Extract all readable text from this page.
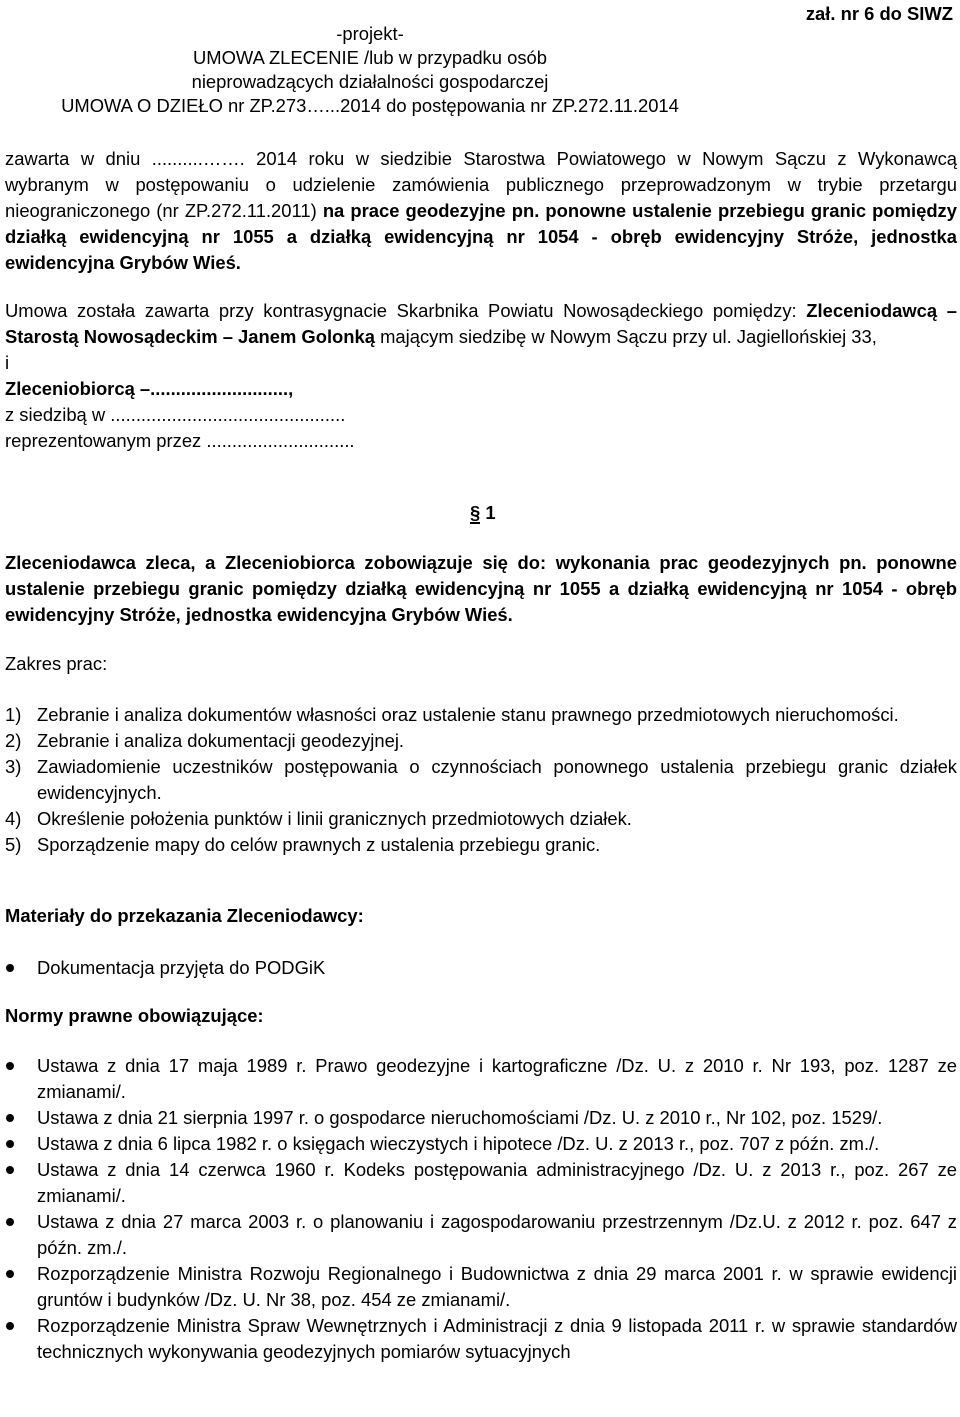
zał. nr 6 do SIWZ
-projekt-
UMOWA ZLECENIE /lub w przypadku osób
nieprowadzących działalności gospodarczej
UMOWA O DZIEŁO nr ZP.273…...2014 do postępowania nr ZP.272.11.2014

zawarta w dniu ..........……. 2014 roku w siedzibie Starostwa Powiatowego w Nowym Sączu z Wykonawcą wybranym w postępowaniu o udzielenie zamówienia publicznego przeprowadzonym w trybie przetargu nieograniczonego (nr ZP.272.11.2011) na prace geodezyjne pn. ponowne ustalenie przebiegu granic pomiędzy działką ewidencyjną nr 1055 a działką ewidencyjną nr 1054 - obręb ewidencyjny Stróże, jednostka ewidencyjna Grybów Wieś.

Umowa została zawarta przy kontrasygnacie Skarbnika Powiatu Nowosądeckiego pomiędzy: Zleceniodawcą – Starostą Nowosądeckim – Janem Golonką mającym siedzibę w Nowym Sączu przy ul. Jagiellońskiej 33,

i

Zleceniobiorcą –...........................,

z siedzibą w ..............................................

reprezentowanym przez .............................

§ 1

Zleceniodawca zleca, a Zleceniobiorca zobowiązuje się do: wykonania prac geodezyjnych pn. ponowne ustalenie przebiegu granic pomiędzy działką ewidencyjną nr 1055 a działką ewidencyjną nr 1054 - obręb ewidencyjny Stróże, jednostka ewidencyjna Grybów Wieś.

Zakres prac:

1) Zebranie i analiza dokumentów własności oraz ustalenie stanu prawnego przedmiotowych nieruchomości.
2) Zebranie i analiza dokumentacji geodezyjnej.
3) Zawiadomienie uczestników postępowania o czynnościach ponownego ustalenia przebiegu granic działek ewidencyjnych.
4) Określenie położenia punktów i linii granicznych przedmiotowych działek.
5) Sporządzenie mapy do celów prawnych z ustalenia przebiegu granic.

Materiały do przekazania Zleceniodawcy:

Dokumentacja przyjęta do PODGiK

Normy prawne obowiązujące:

Ustawa z dnia 17 maja 1989 r. Prawo geodezyjne i kartograficzne /Dz. U. z 2010 r. Nr 193, poz. 1287 ze zmianami/.
Ustawa z dnia 21 sierpnia 1997 r. o gospodarce nieruchomościami /Dz. U. z 2010 r., Nr 102, poz. 1529/.
Ustawa z dnia 6 lipca 1982 r. o księgach wieczystych i hipotece /Dz. U. z 2013 r., poz. 707 z późn. zm./.
Ustawa z dnia 14 czerwca 1960 r. Kodeks postępowania administracyjnego /Dz. U. z 2013 r., poz. 267 ze zmianami/.
Ustawa z dnia 27 marca 2003 r. o planowaniu i zagospodarowaniu przestrzennym /Dz.U. z 2012 r. poz. 647 z późn. zm./.
Rozporządzenie Ministra Rozwoju Regionalnego i Budownictwa z dnia 29 marca 2001 r. w sprawie ewidencji gruntów i budynków /Dz. U. Nr 38, poz. 454 ze zmianami/.
Rozporządzenie Ministra Spraw Wewnętrznych i Administracji z dnia 9 listopada 2011 r. w sprawie standardów technicznych wykonywania geodezyjnych pomiarów sytuacyjnych
